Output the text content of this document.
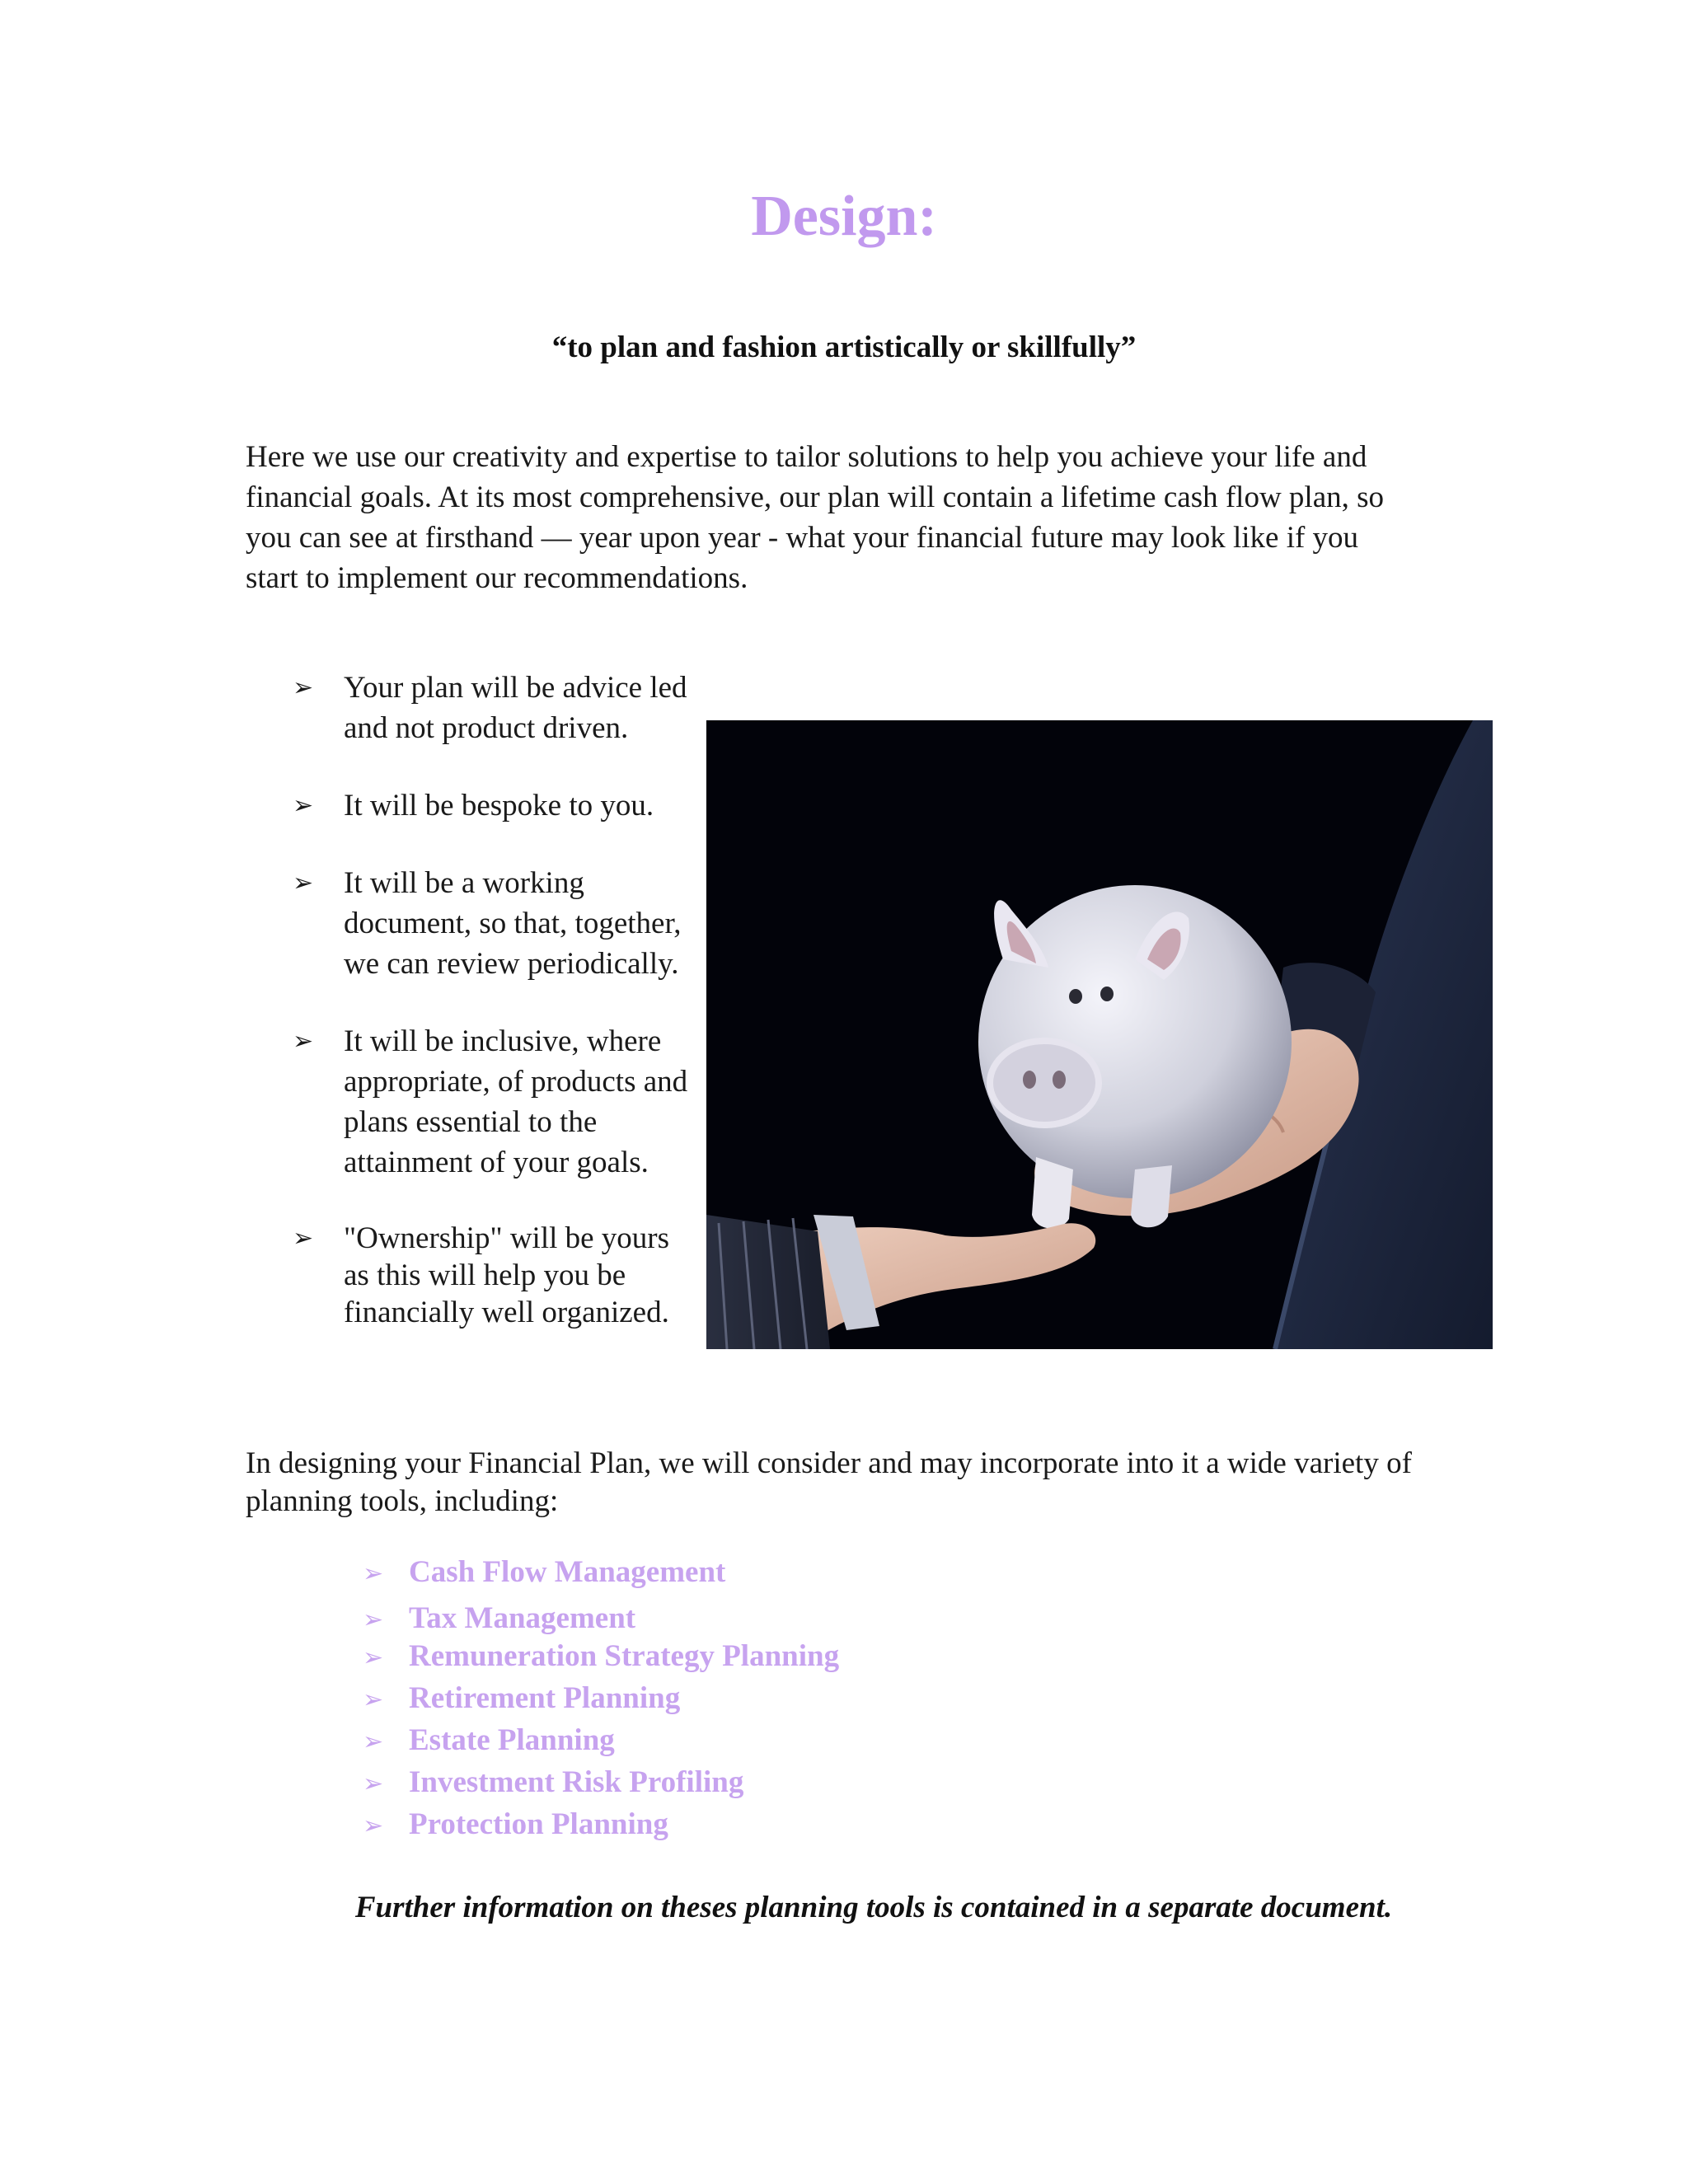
Design:
“to plan and fashion artistically or skillfully”

Here we use our creativity and expertise to tailor solutions to help you achieve your life and financial goals. At its most comprehensive, our plan will contain a lifetime cash flow plan, so you can see at firsthand — year upon year - what your financial future may look like if you start to implement our recommendations.

➢ Your plan will be advice led and not product driven.
➢ It will be bespoke to you.
➢ It will be a working document, so that, together, we can review periodically.
➢ It will be inclusive, where appropriate, of products and plans essential to the attainment of your goals.
➢ "Ownership" will be yours as this will help you be financially well organized.

In designing your Financial Plan, we will consider and may incorporate into it a wide variety of planning tools, including:

➢ Cash Flow Management
➢ Tax Management
➢ Remuneration Strategy Planning
➢ Retirement Planning
➢ Estate Planning
➢ Investment Risk Profiling
➢ Protection Planning
Further information on theses planning tools is contained in a separate document.
